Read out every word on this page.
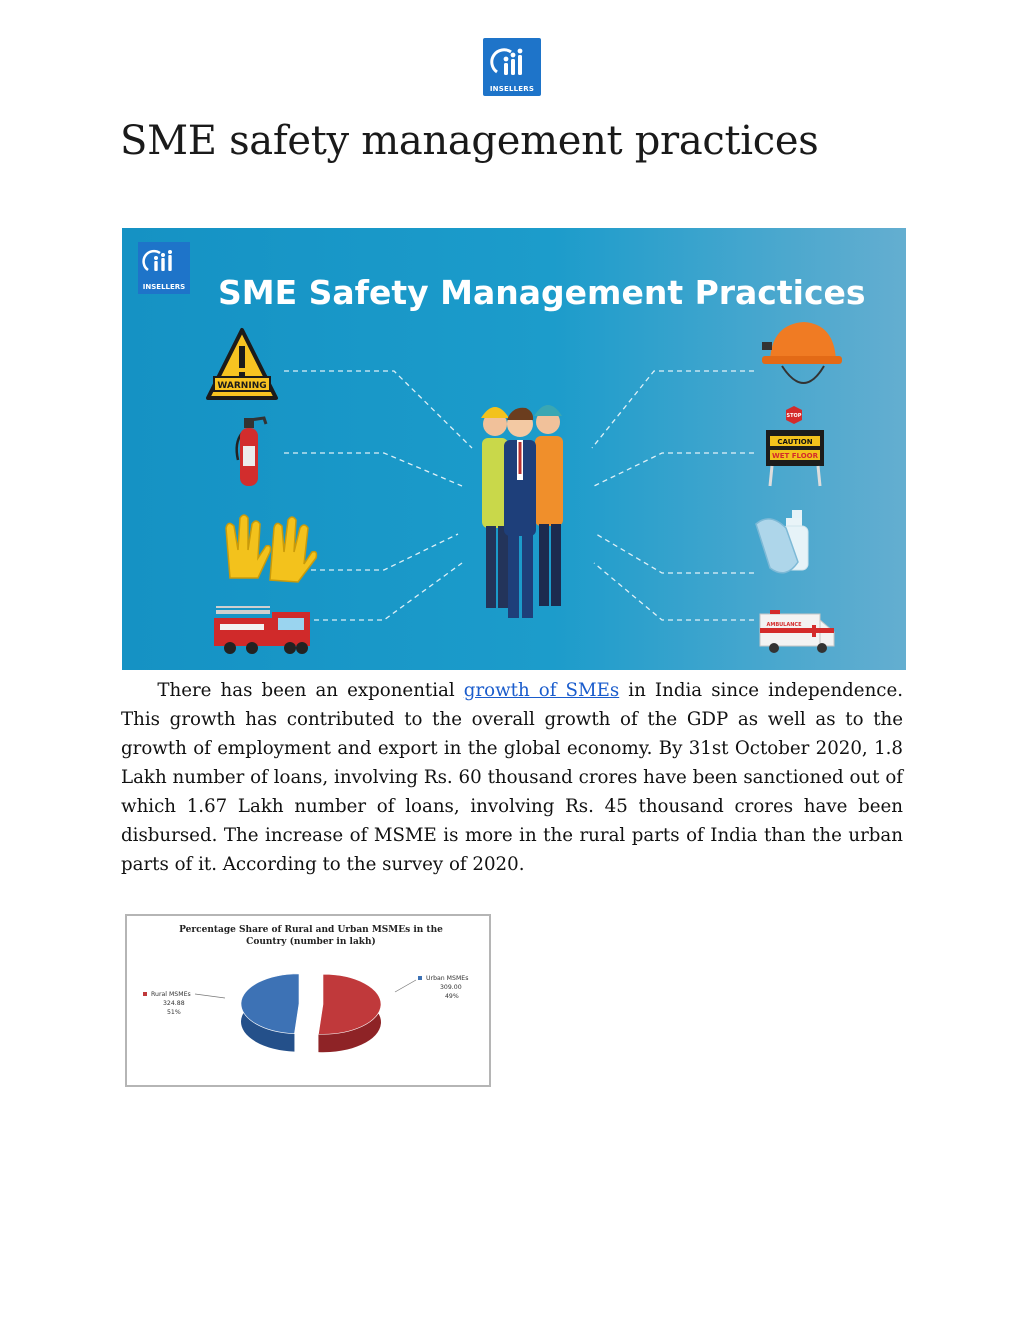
INSELLERS
SME safety management practices
INSELLERS SME Safety Management Practices
WARNING
STOP
CAUTION
WET FLOOR
AMBULANCE

  There has been an exponential growth of SMEs in India since independence. This growth has contributed to the overall growth of the GDP as well as to the growth of employment and export in the global economy. By 31st October 2020, 1.8 Lakh number of loans, involving Rs. 60 thousand crores have been sanctioned out of which 1.67 Lakh number of loans, involving Rs. 45 thousand crores have been disbursed. The increase of MSME is more in the rural parts of India than the urban parts of it. According to the survey of 2020.

Percentage Share of Rural and Urban MSMEs in the
Country (number in lakh)
Rural MSMEs
324.88
51%
Urban MSMEs
309.00
49%
